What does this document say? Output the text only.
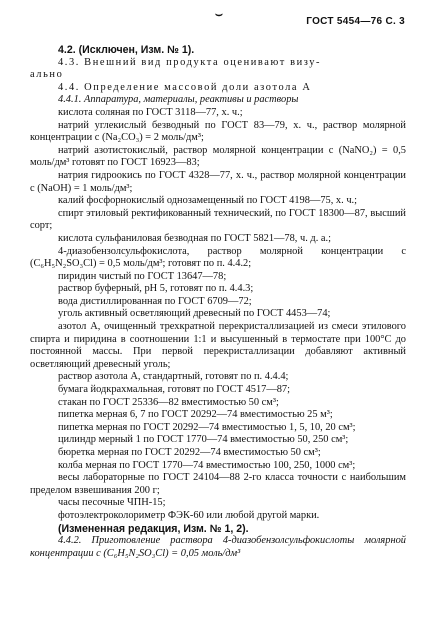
⌣
ГОСТ 5454—76 С. 3

4.2. (Исключен, Изм. № 1).

4.3. Внешний вид продукта оценивают визу-

ально

4.4. Определение массовой доли азотола А

4.4.1. Аппаратура, материалы, реактивы и растворы

кислота соляная по ГОСТ 3118—77, х. ч.;

натрий углекислый безводный по ГОСТ 83—79, х. ч., раствор молярной концентрации с (Na₂CO₃) = 2 моль/дм³;

натрий азотистокислый, раствор молярной концентрации с (NaNO₂) = 0,5 моль/дм³ готовят по ГОСТ 16923—83;

натрия гидроокись по ГОСТ 4328—77, х. ч., раствор молярной концентрации с (NaOH) = 1 моль/дм³;

калий фосфорнокислый однозамещенный по ГОСТ 4198—75, х. ч.;

спирт этиловый ректификованный технический, по ГОСТ 18300—87, высший сорт;

кислота сульфаниловая безводная по ГОСТ 5821—78, ч. д. а.;

4-диазобензолсульфокислота, раствор молярной концентрации с (C₆H₅N₂SO₃Cl) = 0,5 моль/дм³; готовят по п. 4.4.2;

пиридин чистый по ГОСТ 13647—78;

раствор буферный, pH 5, готовят по п. 4.4.3;

вода дистиллированная по ГОСТ 6709—72;

уголь активный осветляющий древесный по ГОСТ 4453—74;

азотол А, очищенный трехкратной перекристаллизацией из смеси этилового спирта и пиридина в соотношении 1:1 и высушенный в термостате при 100°С до постоянной массы. При первой перекристаллизации добавляют активный осветляющий древесный уголь;

раствор азотола А, стандартный, готовят по п. 4.4.4;

бумага йодкрахмальная, готовят по ГОСТ 4517—87;

стакан по ГОСТ 25336—82 вместимостью 50 см³;

пипетка мерная 6, 7 по ГОСТ 20292—74 вместимостью 25 м³;

пипетка мерная по ГОСТ 20292—74 вместимостью 1, 5, 10, 20 см³;

цилиндр мерный 1 по ГОСТ 1770—74 вместимостью 50, 250 см³;

бюретка мерная по ГОСТ 20292—74 вместимостью 50 см³;

колба мерная по ГОСТ 1770—74 вместимостью 100, 250, 1000 см³;

весы лабораторные по ГОСТ 24104—88 2-го класса точности с наибольшим пределом взвешивания 200 г;

часы песочные ЧПН-15;

фотоэлектроколориметр ФЭК-60 или любой другой марки.

(Измененная редакция, Изм. № 1, 2).

4.4.2. Приготовление раствора 4-диазобензолсульфокислоты молярной концентрации с (C₆H₅N₂SO₃Cl) = 0,05 моль/дм³
